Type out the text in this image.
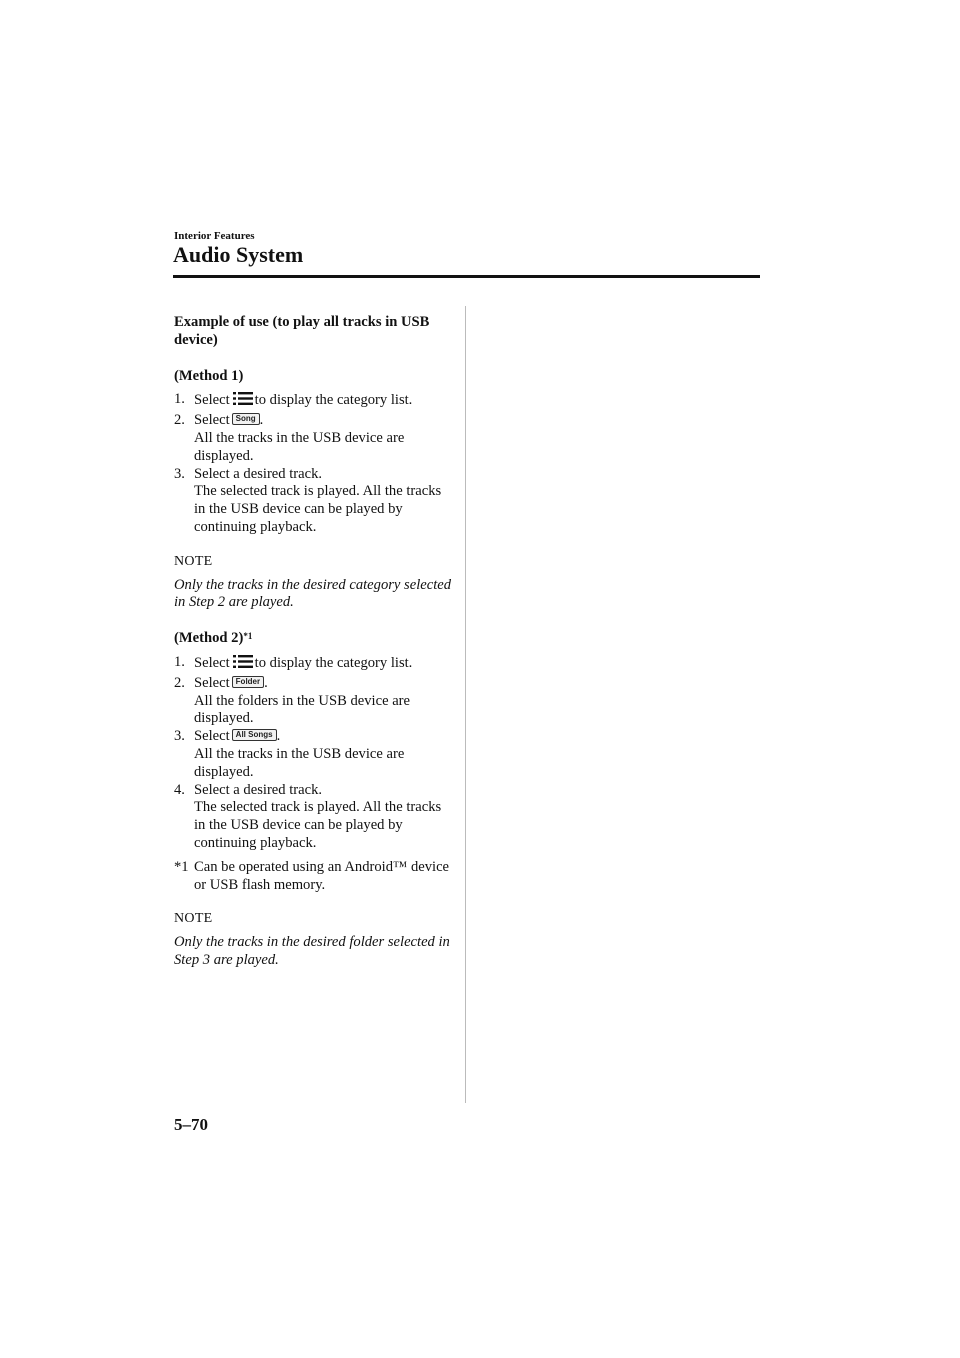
Interior Features
Audio System

Example of use (to play all tracks in USB device)

(Method 1)

1. Select to display the category list.
2. Select Song .
All the tracks in the USB device are displayed.
3. Select a desired track.
The selected track is played. All the tracks in the USB device can be played by continuing playback.

NOTE

Only the tracks in the desired category selected in Step 2 are played.

(Method 2)$^{*1}$

1. Select to display the category list.
2. Select Folder .
All the folders in the USB device are displayed.
3. Select All Songs .
All the tracks in the USB device are displayed.
4. Select a desired track.
The selected track is played. All the tracks in the USB device can be played by continuing playback.

*1 Can be operated using an Android™ device or USB flash memory.

NOTE

Only the tracks in the desired folder selected in Step 3 are played.

5–70
